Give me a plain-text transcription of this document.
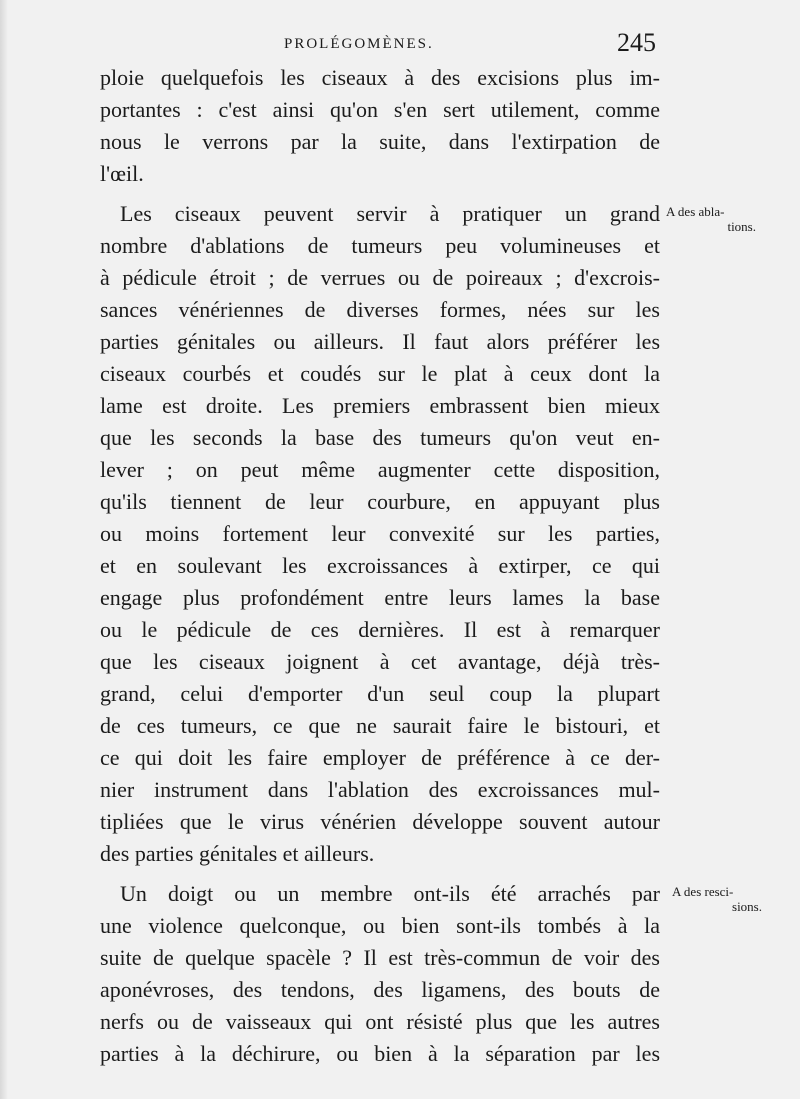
PROLÉGOMÈNES.	245
ploie quelquefois les ciseaux à des excisions plus im-
portantes : c'est ainsi qu'on s'en sert utilement, comme
nous le verrons par la suite, dans l'extirpation de
l'œil.
Les ciseaux peuvent servir à pratiquer un grand
nombre d'ablations de tumeurs peu volumineuses et
à pédicule étroit ; de verrues ou de poireaux ; d'excrois-
sances vénériennes de diverses formes, nées sur les
parties génitales ou ailleurs. Il faut alors préférer les
ciseaux courbés et coudés sur le plat à ceux dont la
lame est droite. Les premiers embrassent bien mieux
que les seconds la base des tumeurs qu'on veut en-
lever ; on peut même augmenter cette disposition,
qu'ils tiennent de leur courbure, en appuyant plus
ou moins fortement leur convexité sur les parties,
et en soulevant les excroissances à extirper, ce qui
engage plus profondément entre leurs lames la base
ou le pédicule de ces dernières. Il est à remarquer
que les ciseaux joignent à cet avantage, déjà très-
grand, celui d'emporter d'un seul coup la plupart
de ces tumeurs, ce que ne saurait faire le bistouri, et
ce qui doit les faire employer de préférence à ce der-
nier instrument dans l'ablation des excroissances mul-
tipliées que le virus vénérien développe souvent autour
des parties génitales et ailleurs.
Un doigt ou un membre ont-ils été arrachés par
une violence quelconque, ou bien sont-ils tombés à la
suite de quelque spacèle ? Il est très-commun de voir des
aponévroses, des tendons, des ligamens, des bouts de
nerfs ou de vaisseaux qui ont résisté plus que les autres
parties à la déchirure, ou bien à la séparation par les
A des abla-
tions.
A des resci-
sions.
